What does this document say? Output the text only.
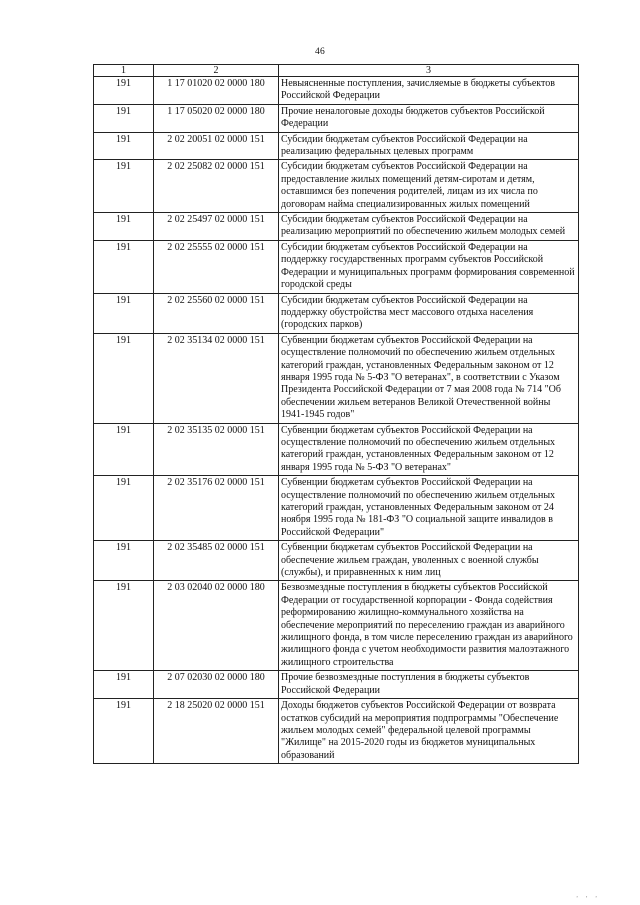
46
1	2	3
191	1 17 01020 02 0000 180	Невыясненные поступления, зачисляемые в бюджеты субъектов Российской Федерации
191	1 17 05020 02 0000 180	Прочие неналоговые доходы бюджетов субъектов Российской Федерации
191	2 02 20051 02 0000 151	Субсидии бюджетам субъектов Российской Федерации на реализацию федеральных целевых программ
191	2 02 25082 02 0000 151	Субсидии бюджетам субъектов Российской Федерации на предоставление жилых помещений детям-сиротам и детям, оставшимся без попечения родителей, лицам из их числа по договорам найма специализированных жилых помещений
191	2 02 25497 02 0000 151	Субсидии бюджетам субъектов Российской Федерации на реализацию мероприятий по обеспечению жильем молодых семей
191	2 02 25555 02 0000 151	Субсидии бюджетам субъектов Российской Федерации на поддержку государственных программ субъектов Российской Федерации и муниципальных программ формирования современной городской среды
191	2 02 25560 02 0000 151	Субсидии бюджетам субъектов Российской Федерации на поддержку обустройства мест массового отдыха населения (городских парков)
191	2 02 35134 02 0000 151	Субвенции бюджетам субъектов Российской Федерации на осуществление полномочий по обеспечению жильем отдельных категорий граждан, установленных Федеральным законом от 12 января 1995 года № 5-ФЗ "О ветеранах", в соответствии с Указом Президента Российской Федерации от 7 мая 2008 года № 714 "Об обеспечении жильем ветеранов Великой Отечественной войны 1941-1945 годов"
191	2 02 35135 02 0000 151	Субвенции бюджетам субъектов Российской Федерации на осуществление полномочий по обеспечению жильем отдельных категорий граждан, установленных Федеральным законом от 12 января 1995 года № 5-ФЗ "О ветеранах"
191	2 02 35176 02 0000 151	Субвенции бюджетам субъектов Российской Федерации на осуществление полномочий по обеспечению жильем отдельных категорий граждан, установленных Федеральным законом от 24 ноября 1995 года № 181-ФЗ "О социальной защите инвалидов в Российской Федерации"
191	2 02 35485 02 0000 151	Субвенции бюджетам субъектов Российской Федерации на обеспечение жильем граждан, уволенных с военной службы (службы), и приравненных к ним лиц
191	2 03 02040 02 0000 180	Безвозмездные поступления в бюджеты субъектов Российской Федерации от государственной корпорации - Фонда содействия реформированию жилищно-коммунального хозяйства на обеспечение мероприятий по переселению граждан из аварийного жилищного фонда, в том числе переселению граждан из аварийного жилищного фонда с учетом необходимости развития малоэтажного жилищного строительства
191	2 07 02030 02 0000 180	Прочие безвозмездные поступления в бюджеты субъектов Российской Федерации
191	2 18 25020 02 0000 151	Доходы бюджетов субъектов Российской Федерации от возврата остатков субсидий на мероприятия подпрограммы "Обеспечение жильем молодых семей" федеральной целевой программы "Жилище" на 2015-2020 годы из бюджетов муниципальных образований
, , ,
